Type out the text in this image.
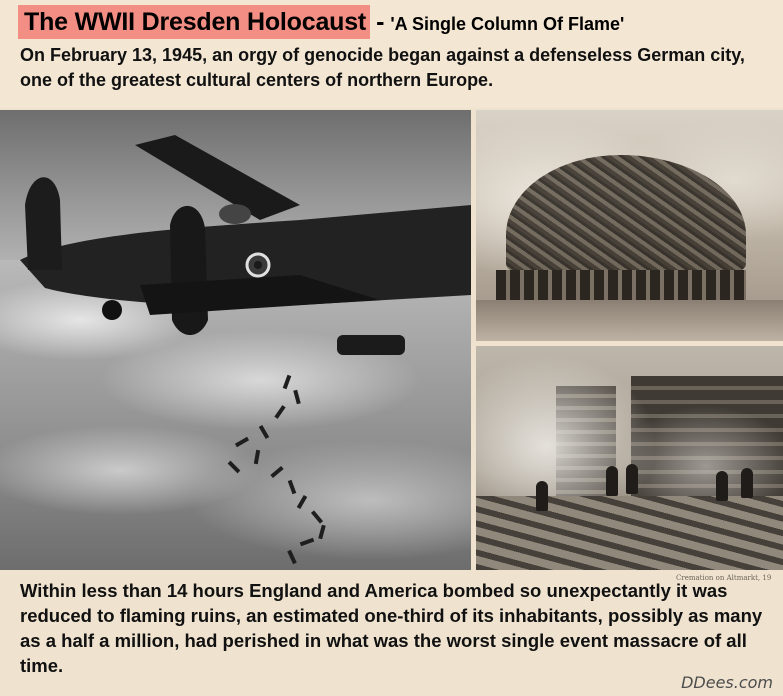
The WWII Dresden Holocaust - 'A Single Column Of Flame'
On February 13, 1945, an orgy of genocide began against a defenseless German city, one of the greatest cultural centers of northern Europe.
Cremation on Altmarkt, 19
Within less than 14 hours England and America bombed so unexpectantly it was reduced to flaming ruins, an estimated one-third of its inhabitants, possibly as many as a half a million, had perished in what was the worst single event massacre of all time.
DDees.com
